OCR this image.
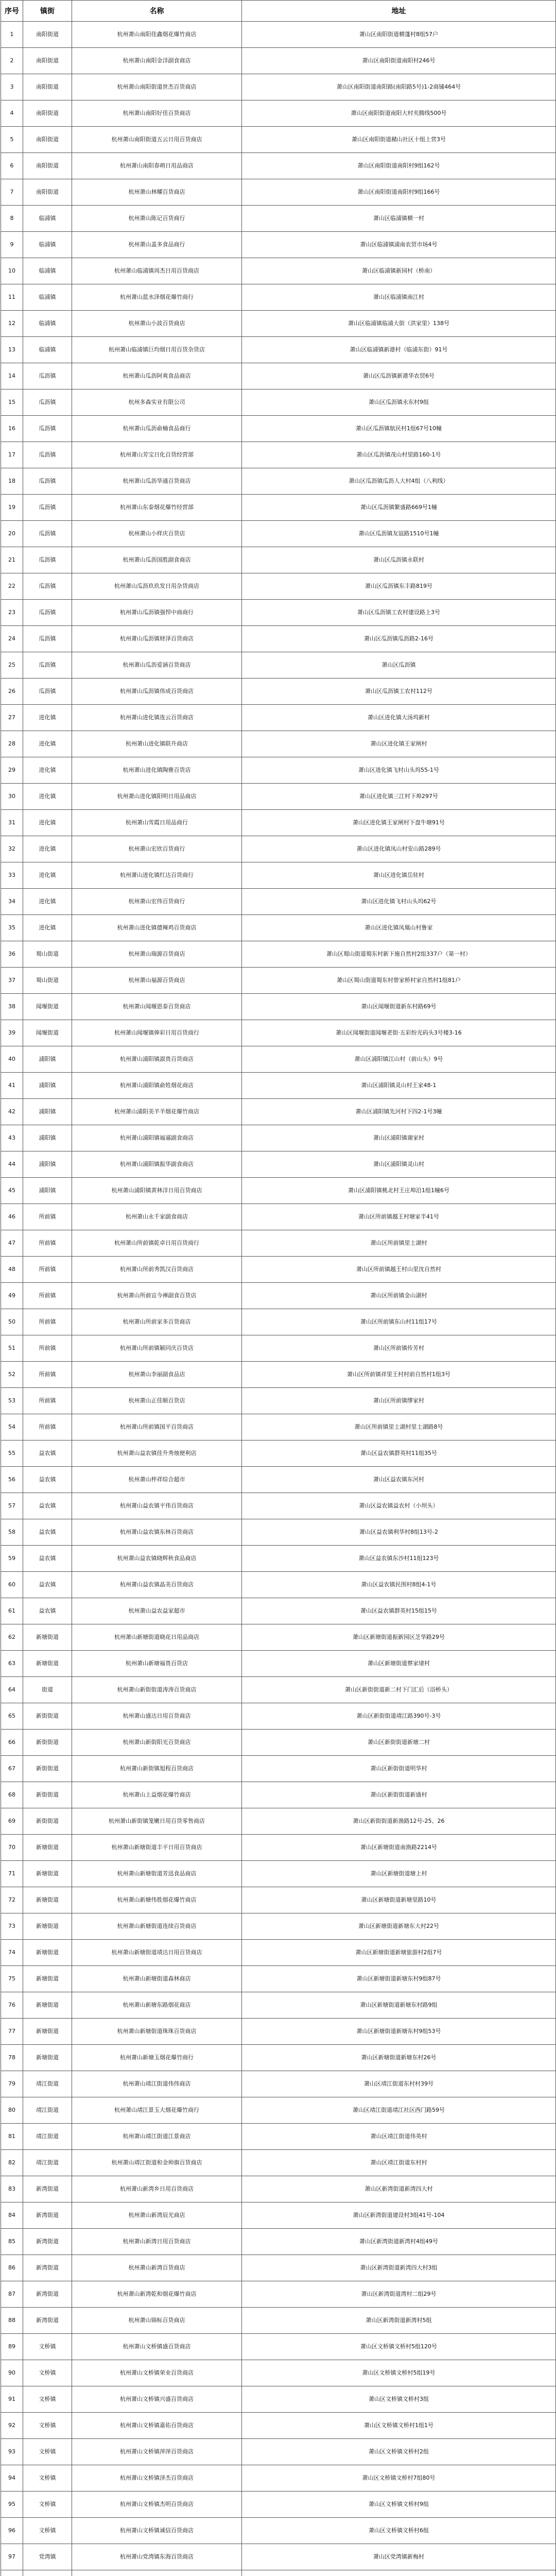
序号	镇街	名称	地址
1	南阳街道	杭州萧山南阳佳鑫烟花爆竹商店	萧山区南阳街道横蓬村8组57户
2	南阳街道	杭州萧山南阳金洋副食商店	萧山区南阳街道南阳村246号
3	南阳街道	杭州萧山南阳街道世杰百货商店	萧山区南阳街道南阳路(南阳路5号)1-2商铺464号
4	南阳街道	杭州萧山南阳好佳百货商店	萧山区南阳街道南阳大村夹腾线500号
5	南阳街道	杭州萧山南阳街道五云日用百货商店	萧山区南阳街道赭山社区十组上营3号
6	南阳街道	杭州萧山南阳春萌日用品商店	萧山区南阳街道南阳村9组162号
7	南阳街道	杭州萧山林耀百货商店	萧山区南阳街道南阳村9组166号
8	临浦镇	杭州萧山陈记百货商行	萧山区临浦镇横一村
9	临浦镇	杭州萧山盖多食品商行	萧山区临浦镇浦南农贸市场4号
10	临浦镇	杭州萧山临浦镇周杰日用百货商店	萧山区临浦镇新园村（桥南）
11	临浦镇	杭州萧山蓝水泽烟花爆竹商行	萧山区临浦镇南江村
12	临浦镇	杭州萧山小波百货商店	萧山区临浦镇临浦大街（洪家里）138号
13	临浦镇	杭州萧山临浦镇巨均烟日用百货杂货店	萧山区临浦镇新港村（临浦东街）91号
14	瓜沥镇	杭州萧山瓜沥阿爽食品商店	萧山区瓜沥镇新港华农贸6号
15	瓜沥镇	杭州多森实业有限公司	萧山区瓜沥镇永东村9组
16	瓜沥镇	杭州萧山瓜沥俞楠食品商行	萧山区瓜沥镇航民村1组67号10幢
17	瓜沥镇	杭州萧山芳宝日化百货经营部	萧山区瓜沥镇茂山村里路160-1号
18	瓜沥镇	杭州萧山瓜沥华通百货商店	萧山区瓜沥镇瓜沥人大村4组（八利线）
19	瓜沥镇	杭州萧山东泰烟花爆竹经营部	萧山区瓜沥镇繁盛路669号1幢
20	瓜沥镇	杭州萧山小样庆百货店	萧山区瓜沥镇友谊路1510号1幢
21	瓜沥镇	杭州萧山瓜沥国胜副食商店	萧山区瓜沥镇永联村
22	瓜沥镇	杭州萧山瓜沥玖玖发日用杂货商店	萧山区瓜沥镇东丰路819号
23	瓜沥镇	杭州萧山瓜沥镇强悍中商商行	萧山区瓜沥镇工农村建设路上3号
24	瓜沥镇	杭州萧山瓜沥镇财泽百货商店	萧山区瓜沥镇瓜沥路2-16号
25	瓜沥镇	杭州萧山瓜沥爱涵百货商店	萧山区瓜沥镇
26	瓜沥镇	杭州萧山瓜沥镇伟成百货商店	萧山区瓜沥镇工农村112号
27	进化镇	杭州萧山进化镇连云百货商店	萧山区进化镇大汤坞新村
28	进化镇	杭州萧山进化镇联升商店	萧山区进化镇王家闸村
29	进化镇	杭州萧山进化镇陶雅百货店	萧山区进化镇飞村山头坞55-1号
30	进化镇	杭州萧山进化镇阳明日用品商店	萧山区进化镇三江村下埠297号
31	进化镇	杭州萧山雪霞日用品商行	萧山区进化镇王家闸村下盘牛塘91号
32	进化镇	杭州萧山宏欣百货商行	萧山区进化镇凤山村安山路289号
33	进化镇	杭州萧山进化镇红达百货商行	萧山区进化镇岳驻村
34	进化镇	杭州萧山宏伟百货商行	萧山区进化镇飞村山头坞62号
35	进化镇	杭州萧山进化镇德辣鸡百货商店	萧山区进化镇凤凰山村鲁家
36	蜀山街道	杭州萧山瑞源百货商店	萧山区蜀山街道蜀东村新下施自然村2组337户（第一村）
37	蜀山街道	杭州萧山福源百货商店	萧山区蜀山街道蜀东村曾家桥村家自然村1组81户
38	闻堰街道	杭州萧山闻堰恩泰百货商店	萧山区闻堰街道新东村路69号
39	闻堰街道	杭州萧山闻堰镇俸彩日用百货商行	萧山区闻堰街道闻堰老街·五彩纷光码头3号楼3-16
40	浦阳镇	杭州萧山浦阳镇淑贵百货商店	萧山区浦阳镇江山村（前山头）9号
41	浦阳镇	杭州萧山浦阳镇俞姓烟花商店	萧山区浦阳镇灵山村王家48-1
42	浦阳镇	杭州萧山浦阳美羊羊烟花爆竹商店	萧山区浦阳镇先河村下四2-1号3幢
43	浦阳镇	杭州萧山浦阳镇福逼副食商店	萧山区浦阳镇谢家村
44	浦阳镇	杭州萧山浦阳镇振华副食商店	萧山区浦阳镇灵山村
45	浦阳镇	杭州萧山浦阳镇黄林洋日用百货商店	萧山区浦阳镇桃北村王庄埠沿1组1幢6号
46	所前镇	杭州萧山永千家副食商店	萧山区所前镇越王村塘家半41号
47	所前镇	杭州萧山所前镇乾卓日用百货商行	萧山区所前镇里士湖村
48	所前镇	杭州萧山所前秀凯汉百货商店	萧山区所前镇越王村山里沈自然村
49	所前镇	杭州萧山所前宣今禅副食百货店	萧山区所前镇金山湖村
50	所前镇	杭州萧山所前家多百货商店	萧山区所前镇东山村11组17号
51	所前镇	杭州萧山所前镇颖同庆百货店	萧山区所前镇传芳村
52	所前镇	杭州萧山李丽副食品店	萧山区所前镇祥里王村村前自然村1组3号
53	所前镇	杭州萧山正佳顺百货店	萧山区所前镇缪家村
54	所前镇	杭州萧山所前镇国平百货商店	萧山区所前镇里士湖村里士湖路8号
55	益农镇	杭州萧山益农镇佳升秀烛便利店	萧山区益农镇群英村11组35号
56	益农镇	杭州萧山梓祥综合超市	萧山区益农镇东河村
57	益农镇	杭州萧山益农镇平伟百货商店	萧山区益农镇益农村（小坝头）
58	益农镇	杭州萧山益农镇东林百货商店	萧山区益农镇利华村8组13号-2
59	益农镇	杭州萧山益农镇晓辉秋食品商店	萧山区益农镇东沙村11组123号
60	益农镇	杭州萧山益农镇晶美百货商店	萧山区益农镇民围村8组4-1号
61	益农镇	杭州萧山益农益家超市	萧山区益农镇群英村15组15号
62	新塘街道	杭州萧山新塘街道晓花日用品商店	萧山区新塘街道振新园区芝华路29号
63	新塘街道	杭州萧山新塘福贵百货店	萧山区新塘街道蔡家埭村
64	街道	杭州萧山新街街道涛涛百货商店	萧山区新街街道新二村下门汇后（浴桥头）
65	新街街道	杭州萧山盛达日用百货商店	萧山区新街街道靖江路390号-3号
66	新街街道	杭州萧山新街阳光百货商店	萧山区新街街道新塘二村
67	新街街道	杭州萧山新街镇旭程百货商店	萧山区新街街道明华村
68	新街街道	杭州萧山上益烟花爆竹商店	萧山区新街街道新盛村
69	新街街道	杭州萧山新街镇笼嫩日用百货零售商店	萧山区新街街道新渔路12号-25、26
70	新塘街道	杭州萧山新塘街道丰平日用百货商店	萧山区新塘街道南渔路2214号
71	新塘街道	杭州萧山新塘街道芳迅食品商店	萧山区新塘街道塘上村
72	新塘街道	杭州萧山新塘伟胜烟花爆竹商店	萧山区新塘街道新塘里路10号
73	新塘街道	杭州萧山新塘街道连续百货商店	萧山区新塘街道新塘东大村22号
74	新塘街道	杭州萧山新塘街道靖达日用百货商店	萧山区新塘街道新塘旅游村2组7号
75	新塘街道	杭州萧山新塘街道森林商店	萧山区新塘街道新塘东村9组87号
76	新塘街道	杭州萧山新塘东路烟花商店	萧山区新塘街道新塘东村路9组
77	新塘街道	杭州萧山新塘街道珠珠百货商店	萧山区新塘街道新塘东村9组53号
78	新塘街道	杭州萧山新塘玉烟花爆竹商行	萧山区新塘街道新塘东村26号
79	靖江街道	杭州萧山靖江街道伟伟商店	萧山区靖江街道东村村39号
80	靖江街道	杭州萧山靖江景玉大烟花爆竹商行	萧山区靖江街道靖江社区西门路59号
81	靖江街道	杭州萧山靖江街道江景商店	萧山区靖江街道伟英村
82	靖江街道	杭州萧山靖江街道和金帅旗百货商店	萧山区靖江街道东村村
83	新湾街道	杭州萧山新湾乡日用百货商店	萧山区新湾街道新湾四大村
84	新湾街道	杭州萧山新湾辰光商店	萧山区新湾街道建设村3组41号-104
85	新湾街道	杭州萧山新湾日用百货商店	萧山区新湾街道新湾村4组49号
86	新湾街道	杭州萧山新湾百货商店	萧山区新湾街道新湾四大村3组
87	新湾街道	杭州萧山新湾乾和烟花爆竹商店	萧山区新湾街道湾村二组29号
88	新湾街道	杭州萧山锦标百货商店	萧山区新湾街道新湾村5组
89	文桥镇	杭州萧山文桥镇盛百货商店	萧山区文桥镇文桥村5组120号
90	文桥镇	杭州萧山文桥镇荣业百货商店	萧山区文桥镇文桥村5组19号
91	文桥镇	杭州萧山文桥镇兴盛百货商店	萧山区文桥镇文桥村3组
92	文桥镇	杭州萧山文桥镇嘉佑百货商店	萧山区文桥镇文桥村1组1号
93	文桥镇	杭州萧山文桥镇萍萍百货商店	萧山区文桥镇文桥村2组
94	文桥镇	杭州萧山文桥镇泽杰百货商店	萧山区文桥镇文桥村7组80号
95	文桥镇	杭州萧山文桥镇杰明百货商店	萧山区文桥镇文桥村9组
96	文桥镇	杭州萧山文桥镇诚信百货商店	萧山区文桥镇文桥村6组
97	党湾镇	杭州萧山党湾镇东海百货商店	萧山区党湾镇新梅村
